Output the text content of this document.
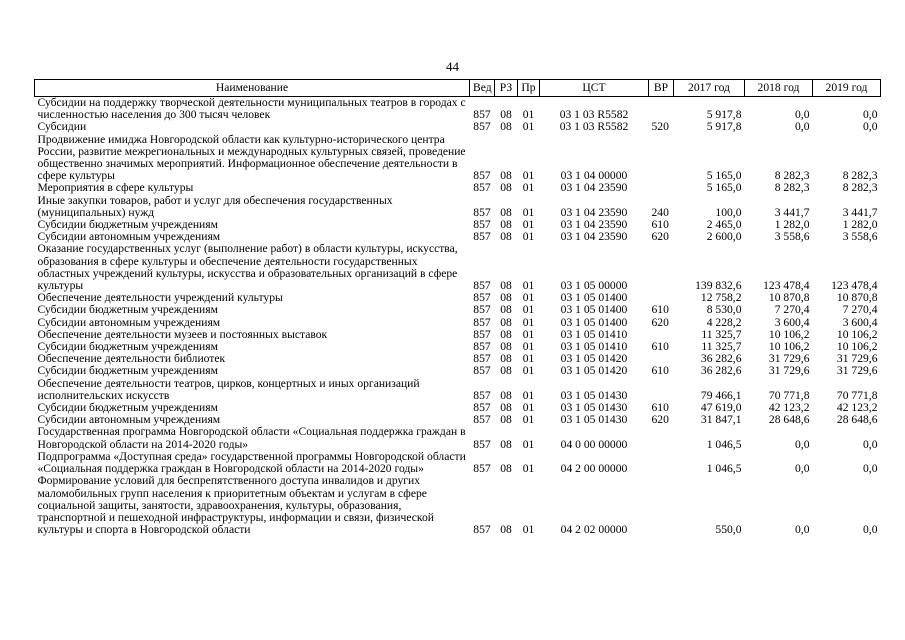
44
Наименование	Вед	РЗ	Пр	ЦСТ	ВР	2017 год	2018 год	2019 год
Субсидии на поддержку творческой деятельности муниципальных театров в городах с численностью населения до 300 тысяч человек	857	08	01	03 1 03 R5582		5 917,8	0,0	0,0
Субсидии	857	08	01	03 1 03 R5582	520	5 917,8	0,0	0,0
Продвижение имиджа Новгородской области как культурно-исторического центра России, развитие межрегиональных и международных культурных связей, проведение общественно значимых мероприятий. Информационное обеспечение деятельности в сфере культуры	857	08	01	03 1 04 00000		5 165,0	8 282,3	8 282,3
Мероприятия в сфере культуры	857	08	01	03 1 04 23590		5 165,0	8 282,3	8 282,3
Иные закупки товаров, работ и услуг для обеспечения государственных (муниципальных) нужд	857	08	01	03 1 04 23590	240	100,0	3 441,7	3 441,7
Субсидии бюджетным учреждениям	857	08	01	03 1 04 23590	610	2 465,0	1 282,0	1 282,0
Субсидии автономным учреждениям	857	08	01	03 1 04 23590	620	2 600,0	3 558,6	3 558,6
Оказание государственных услуг (выполнение работ) в области культуры, искусства, образования в сфере культуры и обеспечение деятельности государственных областных учреждений культуры, искусства и образовательных организаций в сфере культуры	857	08	01	03 1 05 00000		139 832,6	123 478,4	123 478,4
Обеспечение деятельности учреждений культуры	857	08	01	03 1 05 01400		12 758,2	10 870,8	10 870,8
Субсидии бюджетным учреждениям	857	08	01	03 1 05 01400	610	8 530,0	7 270,4	7 270,4
Субсидии автономным учреждениям	857	08	01	03 1 05 01400	620	4 228,2	3 600,4	3 600,4
Обеспечение деятельности музеев и постоянных выставок	857	08	01	03 1 05 01410		11 325,7	10 106,2	10 106,2
Субсидии бюджетным учреждениям	857	08	01	03 1 05 01410	610	11 325,7	10 106,2	10 106,2
Обеспечение деятельности библиотек	857	08	01	03 1 05 01420		36 282,6	31 729,6	31 729,6
Субсидии бюджетным учреждениям	857	08	01	03 1 05 01420	610	36 282,6	31 729,6	31 729,6
Обеспечение деятельности театров, цирков, концертных и иных организаций исполнительских искусств	857	08	01	03 1 05 01430		79 466,1	70 771,8	70 771,8
Субсидии бюджетным учреждениям	857	08	01	03 1 05 01430	610	47 619,0	42 123,2	42 123,2
Субсидии автономным учреждениям	857	08	01	03 1 05 01430	620	31 847,1	28 648,6	28 648,6
Государственная программа Новгородской области «Социальная поддержка граждан в Новгородской области на 2014-2020 годы»	857	08	01	04 0 00 00000		1 046,5	0,0	0,0
Подпрограмма «Доступная среда» государственной программы Новгородской области «Социальная поддержка граждан в Новгородской области на 2014-2020 годы»	857	08	01	04 2 00 00000		1 046,5	0,0	0,0
Формирование условий для беспрепятственного доступа инвалидов и других маломобильных групп населения к приоритетным объектам и услугам в сфере социальной защиты, занятости, здравоохранения, культуры, образования, транспортной и пешеходной инфраструктуры, информации и связи, физической культуры и спорта в Новгородской области	857	08	01	04 2 02 00000		550,0	0,0	0,0
